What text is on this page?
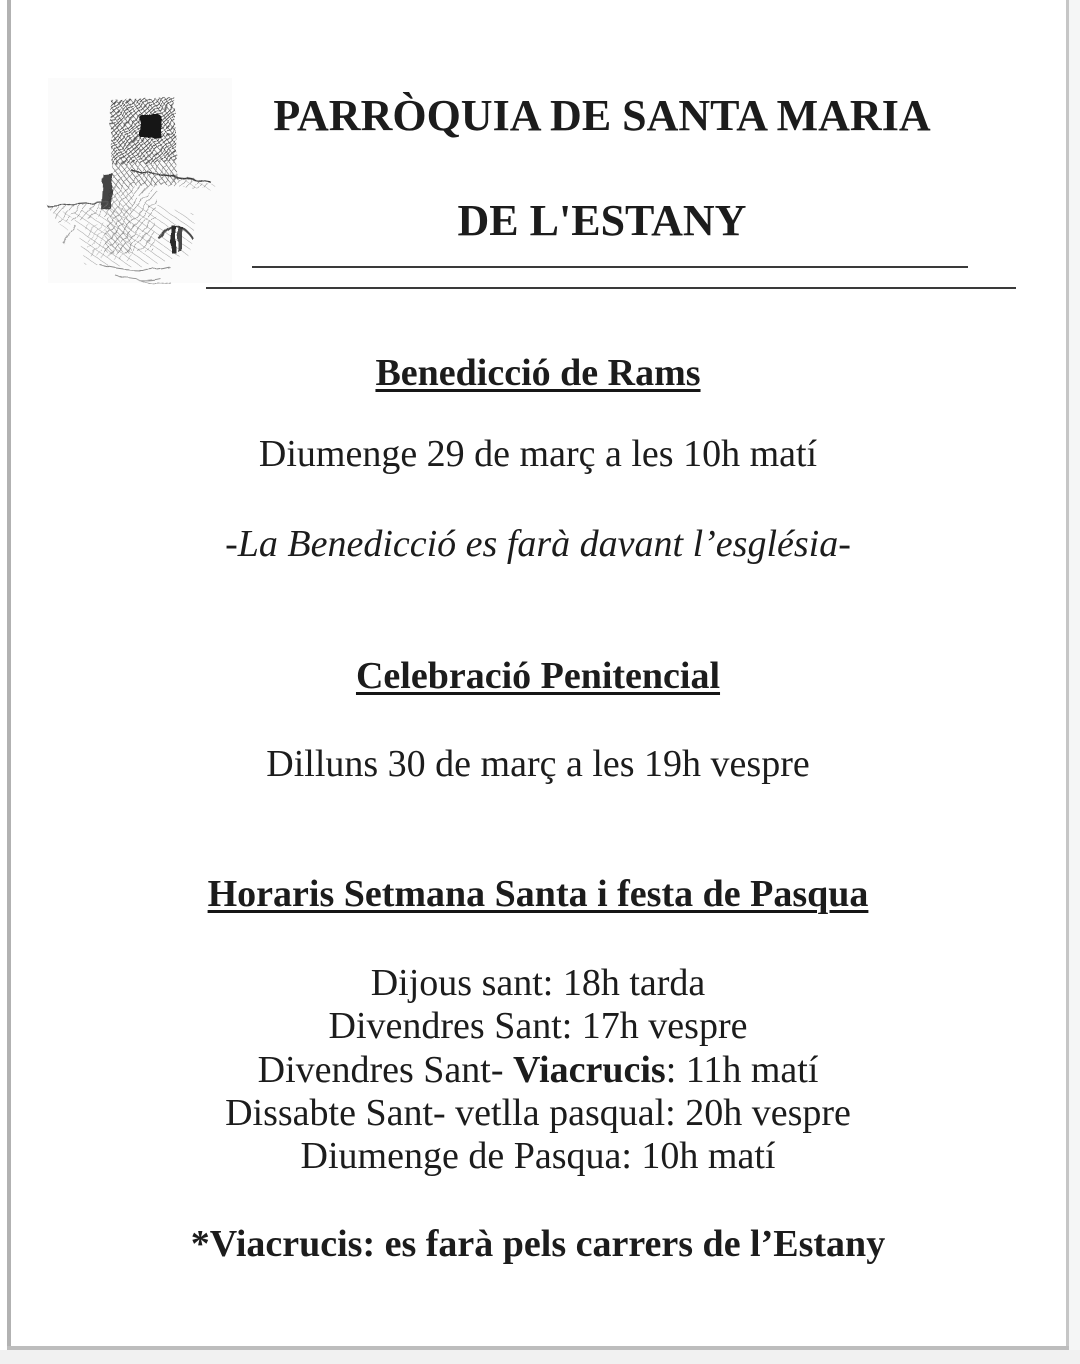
PARRÒQUIA DE SANTA MARIA
DE L'ESTANY
Benedicció de Rams
Diumenge 29 de març a les 10h matí
-La Benedicció es farà davant l’església-
Celebració Penitencial
Dilluns 30 de març a les 19h vespre
Horaris Setmana Santa i festa de Pasqua
Dijous sant: 18h tarda
Divendres Sant: 17h vespre
Divendres Sant- Viacrucis: 11h matí
Dissabte Sant- vetlla pasqual: 20h vespre
Diumenge de Pasqua: 10h matí
*Viacrucis: es farà pels carrers de l’Estany
